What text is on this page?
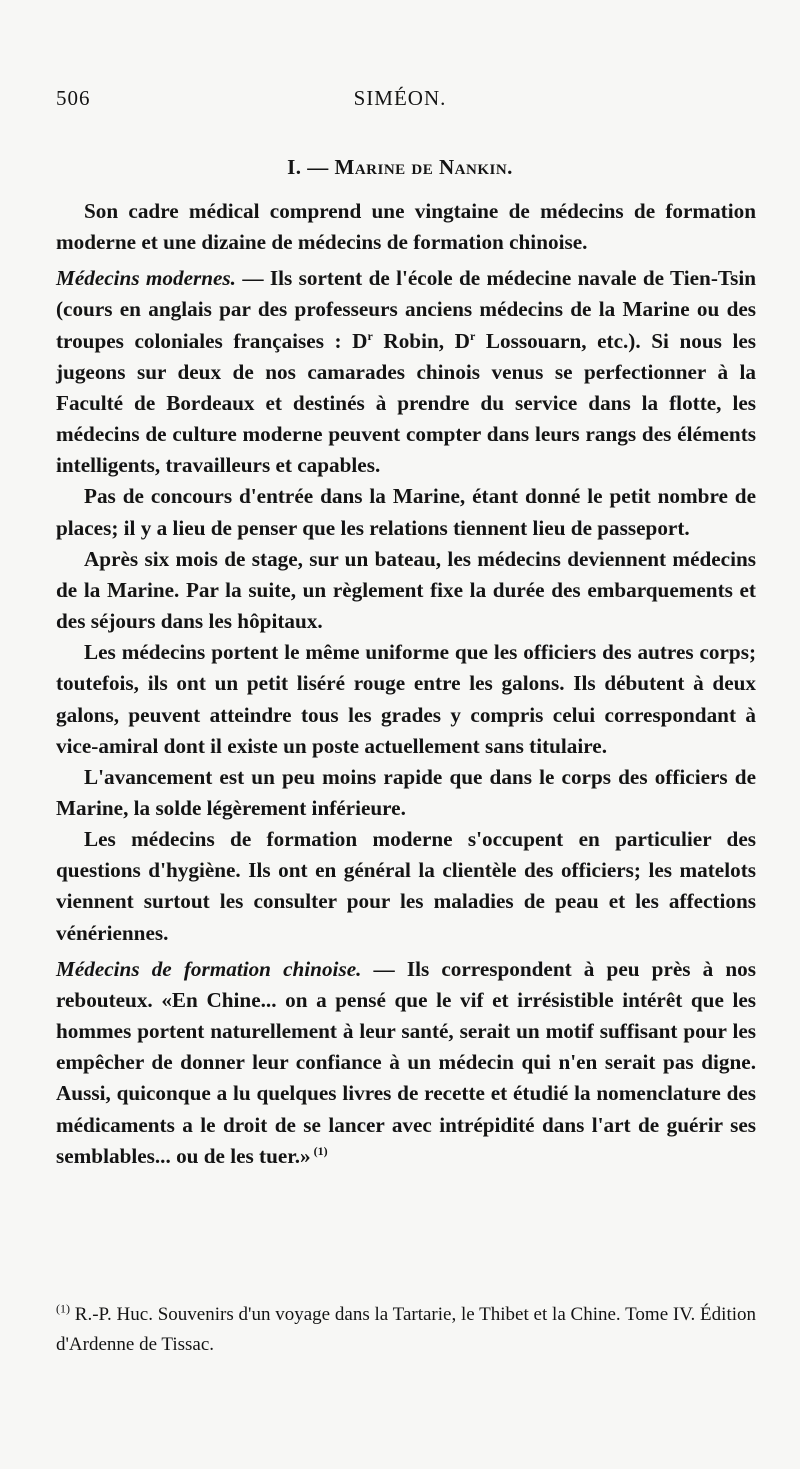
506	SIMÉON.
I. — Marine de Nankin.

Son cadre médical comprend une vingtaine de médecins de formation moderne et une dizaine de médecins de formation chinoise.

Médecins modernes. — Ils sortent de l'école de médecine navale de Tien-Tsin (cours en anglais par des professeurs anciens médecins de la Marine ou des troupes coloniales françaises : $D^r$ Robin, $D^r$ Lossouarn, etc.). Si nous les jugeons sur deux de nos camarades chinois venus se perfectionner à la Faculté de Bordeaux et destinés à prendre du service dans la flotte, les médecins de culture moderne peuvent compter dans leurs rangs des éléments intelligents, travailleurs et capables.

Pas de concours d'entrée dans la Marine, étant donné le petit nombre de places; il y a lieu de penser que les relations tiennent lieu de passeport.

Après six mois de stage, sur un bateau, les médecins deviennent médecins de la Marine. Par la suite, un règlement fixe la durée des embarquements et des séjours dans les hôpitaux.

Les médecins portent le même uniforme que les officiers des autres corps; toutefois, ils ont un petit liséré rouge entre les galons. Ils débutent à deux galons, peuvent atteindre tous les grades y compris celui correspondant à vice-amiral dont il existe un poste actuellement sans titulaire.

L'avancement est un peu moins rapide que dans le corps des officiers de Marine, la solde légèrement inférieure.

Les médecins de formation moderne s'occupent en particulier des questions d'hygiène. Ils ont en général la clientèle des officiers; les matelots viennent surtout les consulter pour les maladies de peau et les affections vénériennes.

Médecins de formation chinoise. — Ils correspondent à peu près à nos rebouteux. «En Chine... on a pensé que le vif et irrésistible intérêt que les hommes portent naturellement à leur santé, serait un motif suffisant pour les empêcher de donner leur confiance à un médecin qui n'en serait pas digne. Aussi, quiconque a lu quelques livres de recette et étudié la nomenclature des médicaments a le droit de se lancer avec intrépidité dans l'art de guérir ses semblables... ou de les tuer.» $^{(1)}$

$^{(1)}$ R.-P. Huc. Souvenirs d'un voyage dans la Tartarie, le Thibet et la Chine. Tome IV. Édition d'Ardenne de Tissac.
